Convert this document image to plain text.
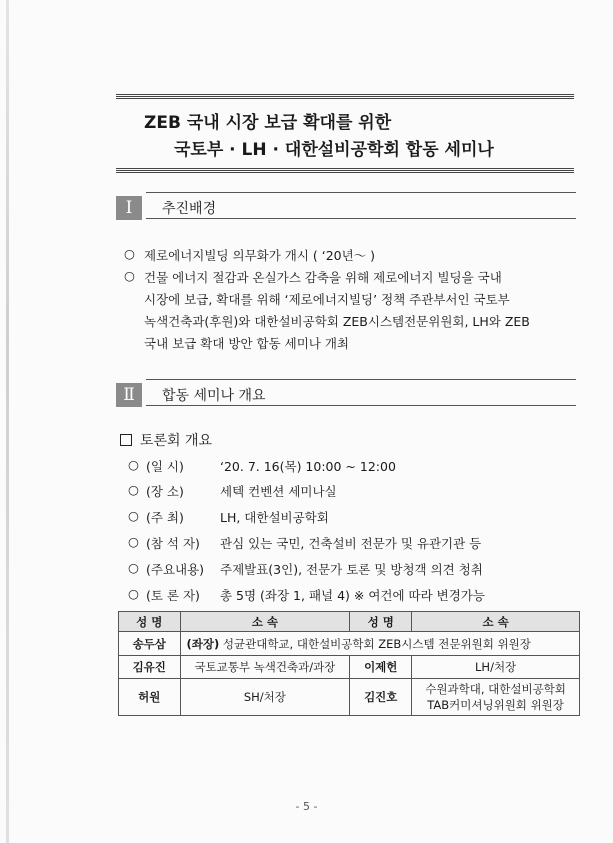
ZEB 국내 시장 보급 확대를 위한
국토부 · LH · 대한설비공학회 합동 세미나
Ⅰ	추진배경
○ 제로에너지빌딩 의무화가 개시 ( ‘20년～ )
○ 건물 에너지 절감과 온실가스 감축을 위해 제로에너지 빌딩을 국내
시장에 보급, 확대를 위해 ‘제로에너지빌딩’ 정책 주관부서인 국토부
녹색건축과(후원)와 대한설비공학회 ZEB시스템전문위원회, LH와 ZEB
국내 보급 확대 방안 합동 세미나 개최
Ⅱ	합동 세미나 개요
토론회 개요
○ (일 시)	‘20. 7. 16(목) 10:00 ~ 12:00
○ (장 소)	세텍 컨벤션 세미나실
○ (주 최)	LH, 대한설비공학회
○ (참 석 자)	관심 있는 국민, 건축설비 전문가 및 유관기관 등
○ (주요내용)	주제발표(3인), 전문가 토론 및 방청객 의견 청취
○ (토 론 자)	총 5명 (좌장 1, 패널 4) ※ 여건에 따라 변경가능
성 명	소 속	성 명	소 속
송두삼	(좌장) 성균관대학교, 대한설비공학회 ZEB시스템 전문위원회 위원장		
김유진	국토교통부 녹색건축과/과장	이제헌	LH/처장
허원	SH/처장	김진호	수원과학대, 대한설비공학회
TAB커미셔닝위원회 위원장
- 5 -
